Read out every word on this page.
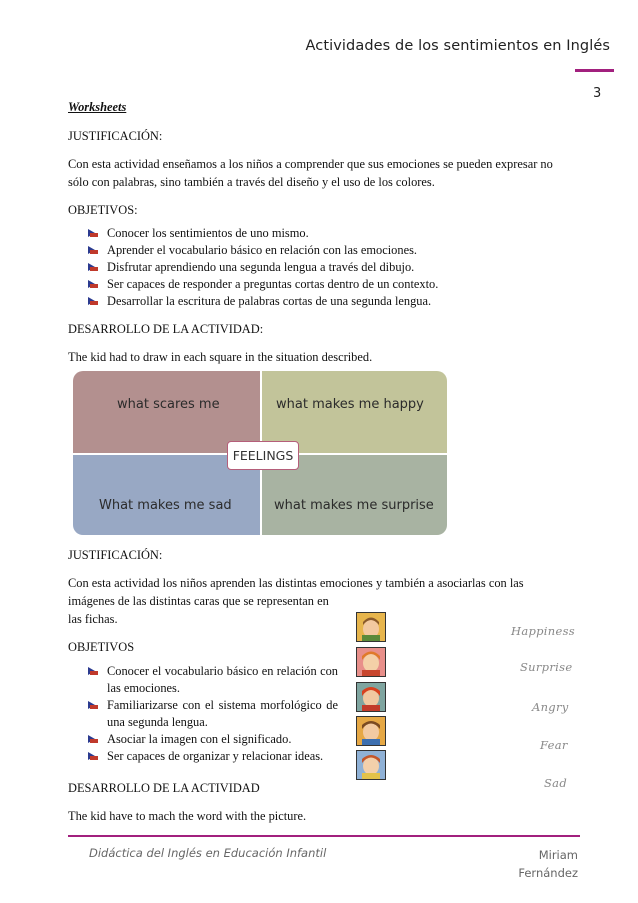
Actividades de los sentimientos en Inglés
3
Worksheets
JUSTIFICACIÓN:
Con esta actividad enseñamos a los niños a comprender que sus emociones se pueden expresar no
sólo con palabras, sino también a través del diseño y el uso de los colores.
OBJETIVOS:
Conocer los sentimientos de uno mismo.
Aprender el vocabulario básico en relación con las emociones.
Disfrutar aprendiendo una segunda lengua a través del dibujo.
Ser capaces de responder a preguntas cortas dentro de un contexto.
Desarrollar la escritura de palabras cortas de una segunda lengua.
DESARROLLO DE LA ACTIVIDAD:
The kid had to draw in each square in the situation described.
what scares me	what makes me happy
What makes me sad	what makes me surprise
FEELINGS
JUSTIFICACIÓN:
Con esta actividad los niños aprenden las distintas emociones y también a asociarlas con las
imágenes de las distintas caras que se representan en
las fichas.
OBJETIVOS
Conocer el vocabulario básico en relación con las emociones.
Familiarizarse con el sistema morfológico de una segunda lengua.
Asociar la imagen con el significado.
Ser capaces de organizar y relacionar ideas.
DESARROLLO DE LA ACTIVIDAD
The kid have to mach the word with the picture.
Happiness
Surprise
Angry
Fear
Sad
Didáctica del Inglés en Educación Infantil	Miriam
Fernández
